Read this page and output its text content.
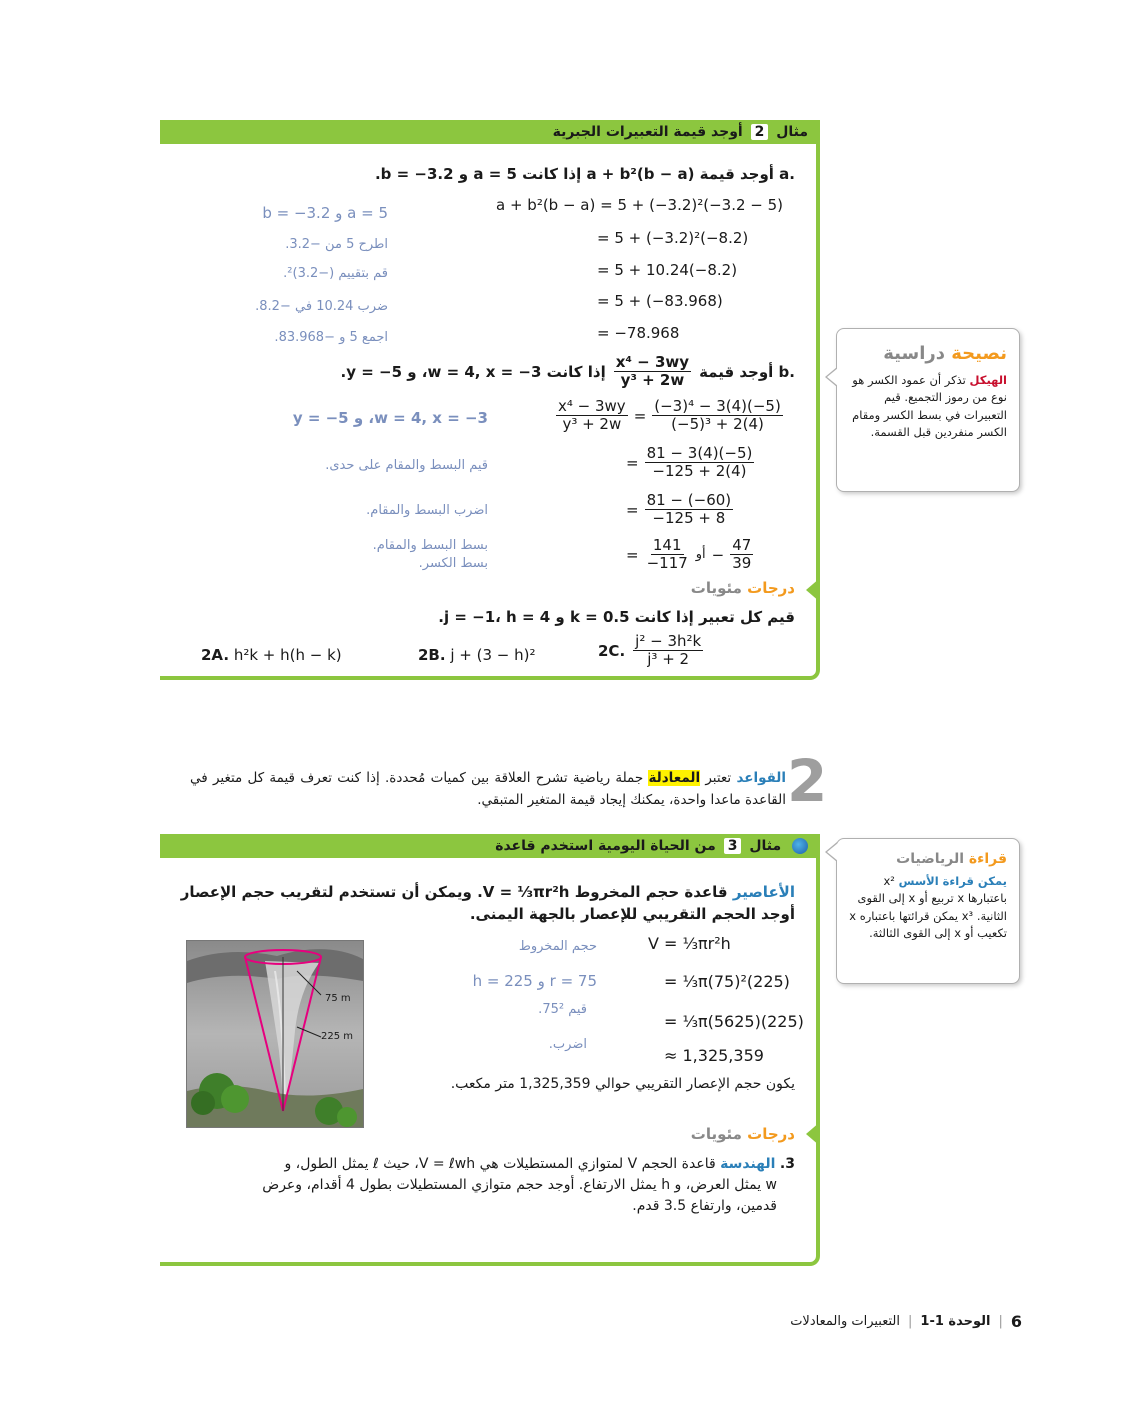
مثال 2 أوجد قيمة التعبيرات الجبرية
.a أوجد قيمة (a + b²(b − a إذا كانت a = 5 و b = −3.2.
a + b²(b − a) = 5 + (−3.2)²(−3.2 − 5)
= 5 + (−3.2)²(−8.2)
= 5 + 10.24(−8.2)
= 5 + (−83.968)
= −78.968
a = 5 و b = −3.2
اطرح 5 من −3.2.
قم بتقييم (−3.2)².
ضرب 10.24 في −8.2.
اجمع 5 و −83.968.
.b أوجد قيمة
$\frac{\text{x⁴ − 3wy}}{\text{y³ + 2w}}$
إذا كانت w = 4, x = −3، و y = −5.
$\frac{\text{x⁴ − 3wy}}{\text{y³ + 2w}} = \frac{\text{(−3)⁴ − 3(4)(−5)}}{\text{(−5)³ + 2(4)}}$
= $\frac{81 - 3(4)(-5)}{-125 + 2(4)}$
= $\frac{81 - (-60)}{-125 + 8}$
= $\frac{141}{-117}$ أو − $\frac{47}{39}$
w = 4, x = −3، و y = −5
قيم البسط والمقام على حدى.
اضرب البسط والمقام.
بسط البسط والمقام.
بسط الكسر.
درجات مئويات
قيم كل تعبير إذا كانت k = 0.5 و j = −1، h = 4.
2A. h²k + h(h − k)	2B. j + (3 − h)²	2C. $\frac{\text{j² − 3h²k}}{\text{j³ + 2}}$
نصيحة دراسية
الهيكل تذكر أن عمود الكسر هو نوع من رموز التجميع. قيم التعبيرات في بسط الكسر ومقام الكسر منفردين قبل القسمة.
2
القواعد تعتبر المعادلة جملة رياضية تشرح العلاقة بين كميات مُحددة. إذا كنت تعرف قيمة كل متغير في القاعدة ماعدا واحدة، يمكنك إيجاد قيمة المتغير المتبقي.
مثال 3 من الحياة اليومية استخدم قاعدة
الأعاصير قاعدة حجم المخروط V = ⅓πr²h. ويمكن أن تستخدم لتقريب حجم الإعصار
أوجد الحجم التقريبي للإعصار بالجهة اليمنى.
75 m
225 m
V = ⅓πr²h
= ⅓π(75)²(225)
= ⅓π(5625)(225)
≈ 1,325,359
حجم المخروط
r = 75 و h = 225
قيم 75².
اضرب.
يكون حجم الإعصار التقريبي حوالي 1,325,359 متر مكعب.
درجات مئويات
3. الهندسة قاعدة الحجم V لمتوازي المستطيلات هي V = ℓwh، حيث ℓ يمثل الطول، و
w يمثل العرض، و h يمثل الارتفاع. أوجد حجم متوازي المستطيلات بطول 4 أقدام، وعرض
قدمين، وارتفاع 3.5 قدم.
قراءة الرياضيات
يمكن قراءة الأسس x² باعتبارها x تربيع أو x إلى القوى الثانية. x³ يمكن قرائتها باعتباره x تكعيب أو x إلى القوى الثالثة.
6
|
الوحدة 1-1
|
التعبيرات والمعادلات
